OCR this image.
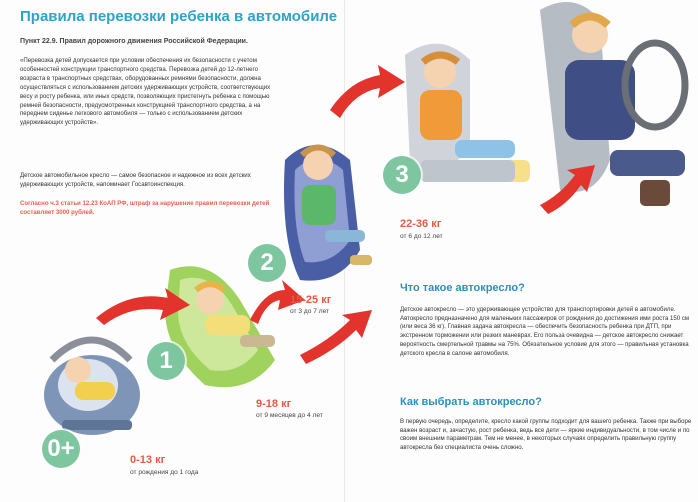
Правила перевозки ребенка в автомобиле
Пункт 22.9. Правил дорожного движения Российской Федерации.
«Перевозка детей допускается при условии обеспечения их безопасности с учетом особенностей конструкции транспортного средства. Перевозка детей до 12-летнего возраста в транспортных средствах, оборудованных ремнями безопасности, должна осуществляться с использованием детских удерживающих устройств, соответствующих весу и росту ребенка, или иных средств, позволяющих пристегнуть ребенка с помощью ремней безопасности, предусмотренных конструкцией транспортного средства, а на переднем сиденье легкового автомобиля — только с использованием детских удерживающих устройств».
Детское автомобильное кресло — самое безопасное и надежное из всех детских удерживающих устройств, напоминает Госавтоинспекция.
Согласно ч.3 статьи 12.23 КоАП РФ, штраф за нарушение правил перевозки детей составляет 3000 рублей.
0+	0-13 кг
от рождения до 1 года
1
9-18 кг
от 9 месяцев до 4 лет
2
15-25 кг
от 3 до 7 лет
3
22-36 кг
от 6 до 12 лет
Что такое автокресло?
Детское автокресло — это удерживающее устройство для транспортировки детей в автомобиле. Автокресло предназначено для маленьких пассажиров от рождения до достижения ими роста 150 см (или веса 36 кг). Главная задача автокресла — обеспечить безопасность ребенка при ДТП, при экстренном торможении или резких маневрах. Его польза очевидна — детское автокресло снижает вероятность смертельной травмы на 75%. Обязательное условие для этого — правильная установка детского кресла в салоне автомобиля.
Как выбрать автокресло?
В первую очередь, определите, кресло какой группы подходит для вашего ребенка. Также при выборе важен возраст и, зачастую, рост ребенка, ведь все дети — яркие индивидуальности, в том числе и по своим внешним параметрам. Тем не менее, в некоторых случаях определить правильную группу автокресла без специалиста очень сложно.
